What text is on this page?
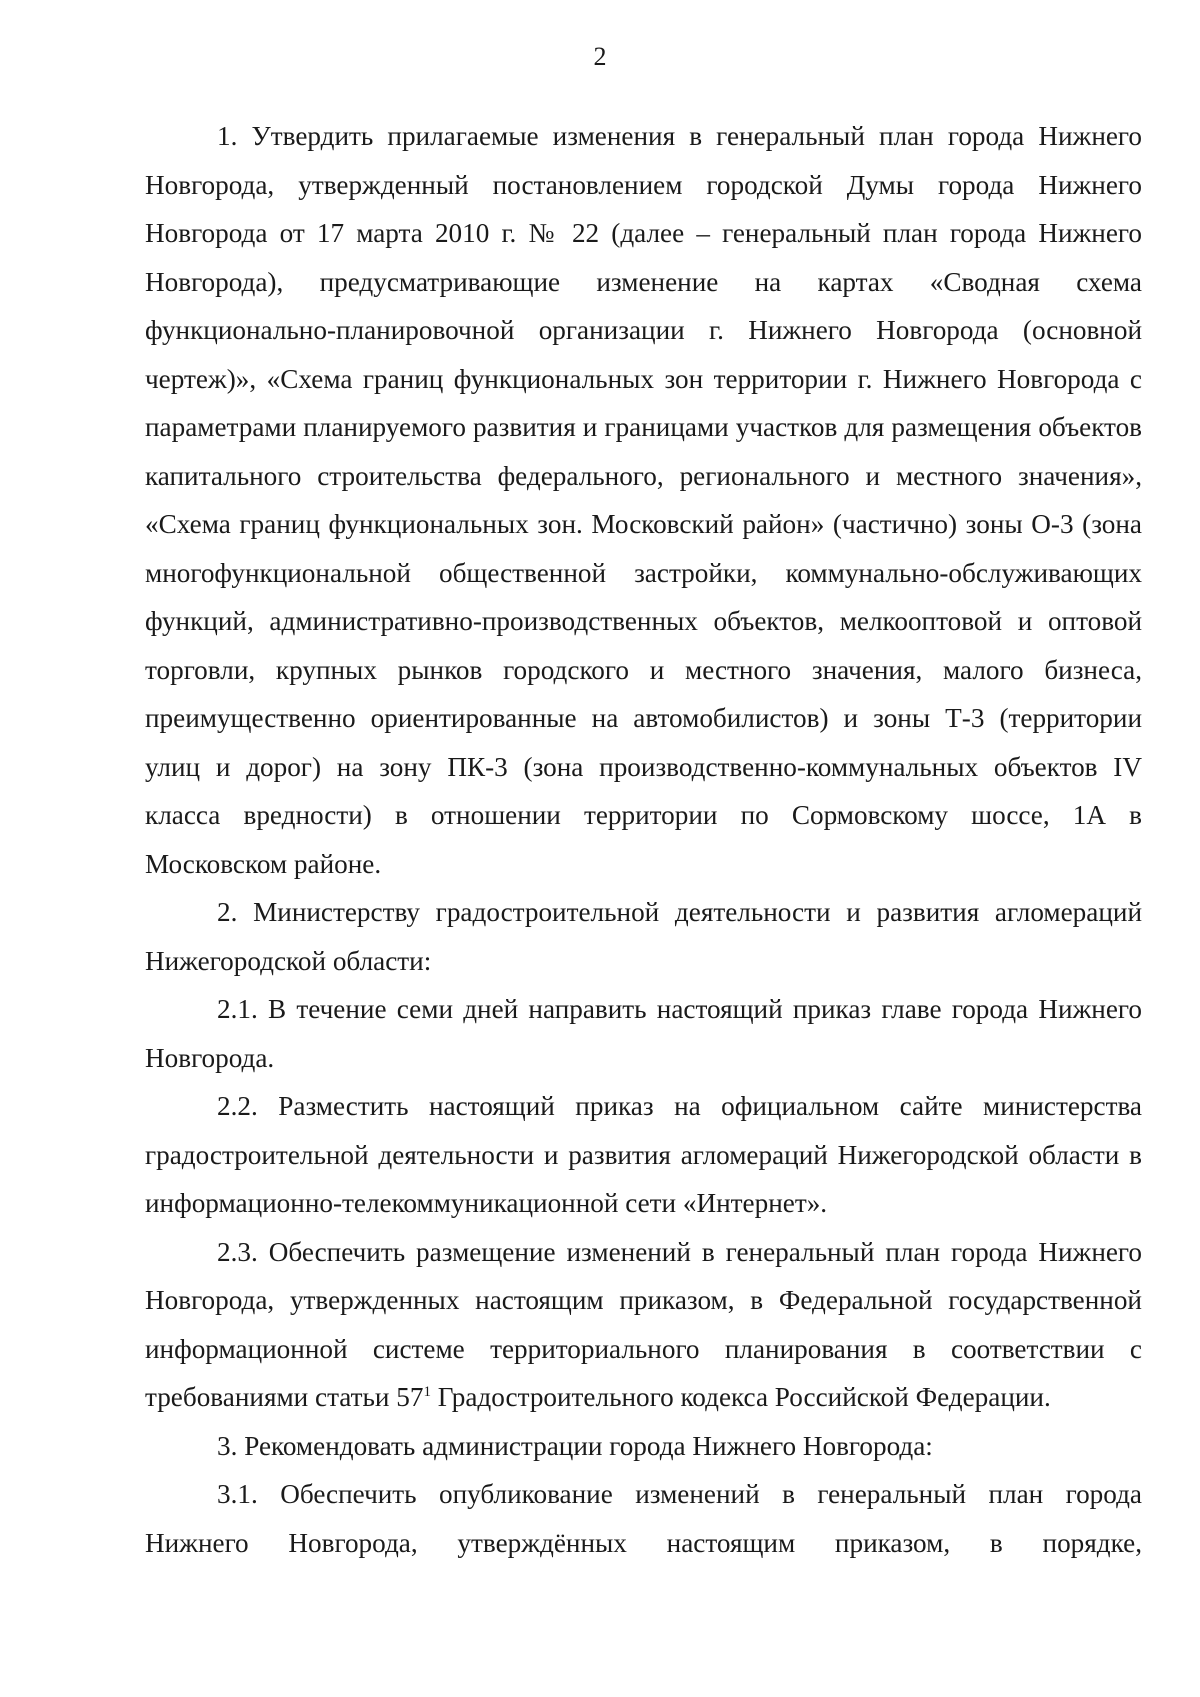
2

1. Утвердить прилагаемые изменения в генеральный план города Нижнего Новгорода, утвержденный постановлением городской Думы города Нижнего Новгорода от 17 марта 2010 г. № 22 (далее – генеральный план города Нижнего Новгорода), предусматривающие изменение на картах «Сводная схема функционально-планировочной организации г. Нижнего Новгорода (основной чертеж)», «Схема границ функциональных зон территории г. Нижнего Новгорода с параметрами планируемого развития и границами участков для размещения объектов капитального строительства федерального, регионального и местного значения», «Схема границ функциональных зон. Московский район» (частично) зоны О-3 (зона многофункциональной общественной застройки, коммунально-обслуживающих функций, административно-производственных объектов, мелкооптовой и оптовой торговли, крупных рынков городского и местного значения, малого бизнеса, преимущественно ориентированные на автомобилистов) и зоны Т-3 (территории улиц и дорог) на зону ПК-3 (зона производственно-коммунальных объектов IV класса вредности) в отношении территории по Сормовскому шоссе, 1А в Московском районе.

2. Министерству градостроительной деятельности и развития агломераций Нижегородской области:

2.1. В течение семи дней направить настоящий приказ главе города Нижнего Новгорода.

2.2. Разместить настоящий приказ на официальном сайте министерства градостроительной деятельности и развития агломераций Нижегородской области в информационно-телекоммуникационной сети «Интернет».

2.3. Обеспечить размещение изменений в генеральный план города Нижнего Новгорода, утвержденных настоящим приказом, в Федеральной государственной информационной системе территориального планирования в соответствии с требованиями статьи $57^1$ Градостроительного кодекса Российской Федерации.

3. Рекомендовать администрации города Нижнего Новгорода:

3.1. Обеспечить опубликование изменений в генеральный план города Нижнего Новгорода, утверждённых настоящим приказом, в порядке,
